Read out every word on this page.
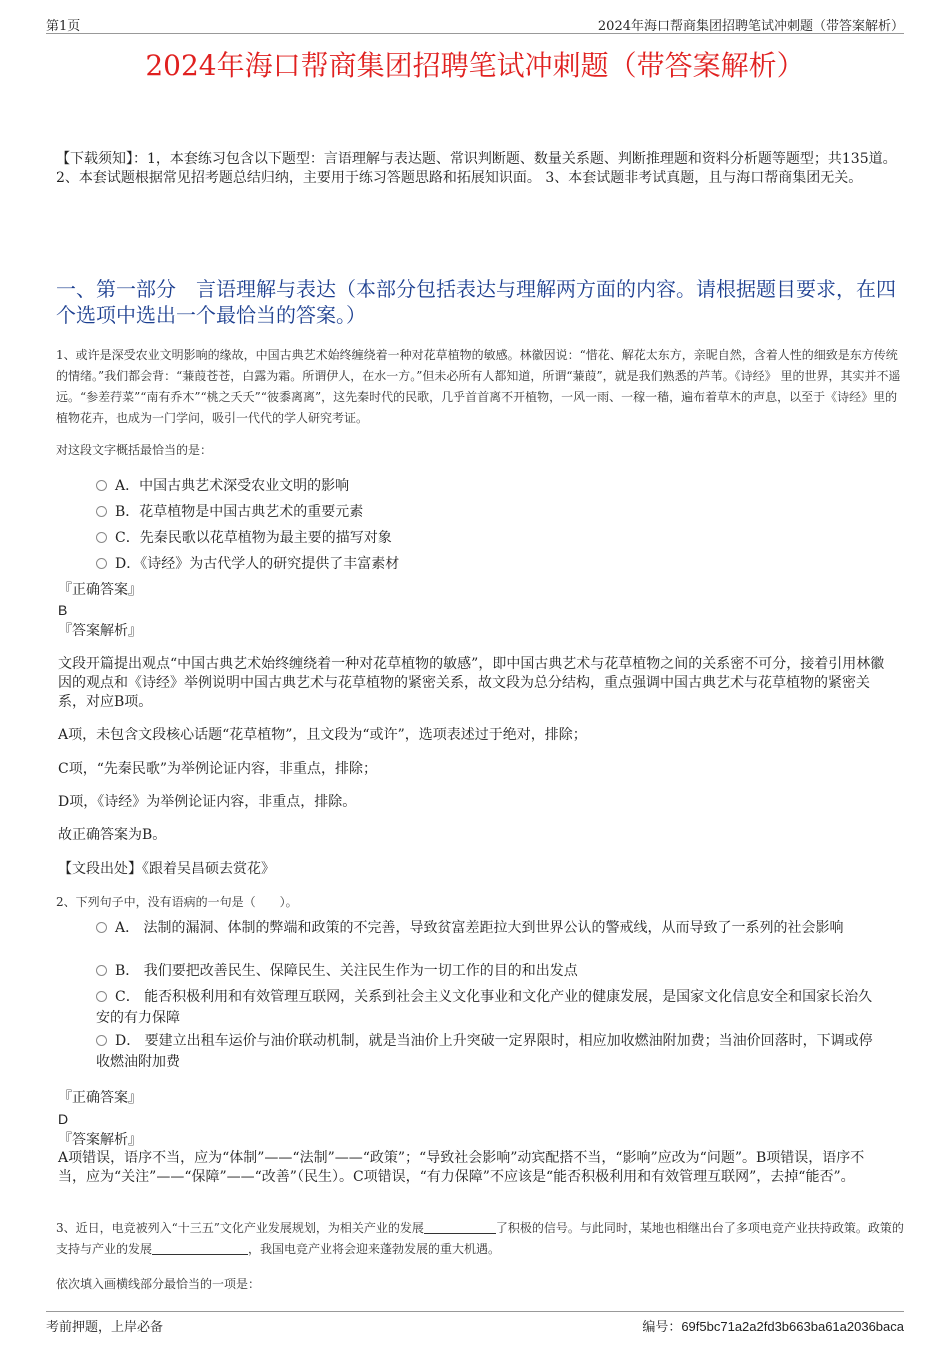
第1页	2024年海口帮商集团招聘笔试冲刺题（带答案解析）
2024年海口帮商集团招聘笔试冲刺题（带答案解析）
【下载须知】：1，本套练习包含以下题型：言语理解与表达题、常识判断题、数量关系题、判断推理题和资料分析题等题型；共135道。 2、本套试题根据常见招考题总结归纳，主要用于练习答题思路和拓展知识面。 3、本套试题非考试真题，且与海口帮商集团无关。
一、第一部分　言语理解与表达（本部分包括表达与理解两方面的内容。请根据题目要求，在四个选项中选出一个最恰当的答案。）
1、或许是深受农业文明影响的缘故，中国古典艺术始终缠绕着一种对花草植物的敏感。林徽因说：“惜花、解花太东方，亲昵自然，含着人性的细致是东方传统的情绪。”我们都会背：“蒹葭苍苍，白露为霜。所谓伊人，在水一方。”但未必所有人都知道，所谓“蒹葭”，就是我们熟悉的芦苇。《诗经》 里的世界，其实并不遥远。“参差荇菜”“南有乔木”“桃之夭夭”“彼黍离离”，这先秦时代的民歌，几乎首首离不开植物，一风一雨、一稼一穑，遍布着草木的声息，以至于《诗经》里的植物花卉，也成为一门学问，吸引一代代的学人研究考证。
对这段文字概括最恰当的是：
A．中国古典艺术深受农业文明的影响
B．花草植物是中国古典艺术的重要元素
C．先秦民歌以花草植物为最主要的描写对象
D．《诗经》为古代学人的研究提供了丰富素材
『正确答案』
B
『答案解析』
文段开篇提出观点“中国古典艺术始终缠绕着一种对花草植物的敏感”，即中国古典艺术与花草植物之间的关系密不可分，接着引用林徽因的观点和《诗经》举例说明中国古典艺术与花草植物的紧密关系，故文段为总分结构，重点强调中国古典艺术与花草植物的紧密关系，对应B项。
A项，未包含文段核心话题“花草植物”，且文段为“或许”，选项表述过于绝对，排除；
C项，“先秦民歌”为举例论证内容，非重点，排除；
D项，《诗经》为举例论证内容，非重点，排除。
故正确答案为B。
【文段出处】《跟着吴昌硕去赏花》
2、下列句子中，没有语病的一句是（　　）。
A． 法制的漏洞、体制的弊端和政策的不完善，导致贫富差距拉大到世界公认的警戒线，从而导致了一系列的社会影响
B． 我们要把改善民生、保障民生、关注民生作为一切工作的目的和出发点
C． 能否积极利用和有效管理互联网，关系到社会主义文化事业和文化产业的健康发展，是国家文化信息安全和国家长治久安的有力保障
D． 要建立出租车运价与油价联动机制，就是当油价上升突破一定界限时，相应加收燃油附加费；当油价回落时，下调或停收燃油附加费
『正确答案』
D
『答案解析』
A项错误，语序不当，应为“体制”——“法制”——“政策”；“导致社会影响”动宾配搭不当，“影响”应改为“问题”。B项错误，语序不当，应为“关注”——“保障”——“改善”（民生）。C项错误，“有力保障”不应该是“能否积极利用和有效管理互联网”，去掉“能否”。
3、近日，电竞被列入“十三五”文化产业发展规划，为相关产业的发展	了积极的信号。与此同时，某地也相继出台了多项电竞产业扶持政策。政策的支持与产业的发展	，我国电竞产业将会迎来蓬勃发展的重大机遇。
依次填入画横线部分最恰当的一项是：
考前押题，上岸必备	编号：69f5bc71a2a2fd3b663ba61a2036baca
